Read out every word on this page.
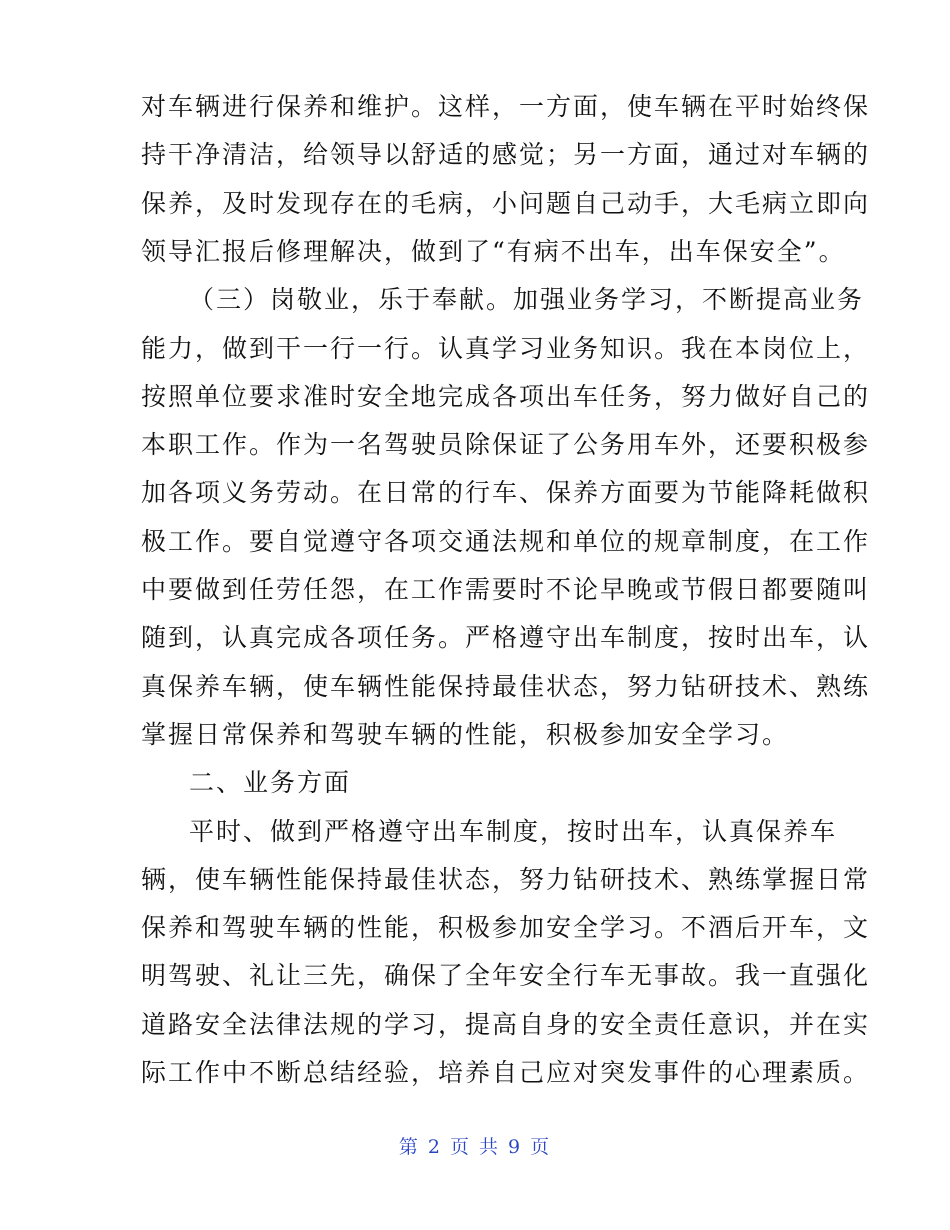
对车辆进行保养和维护。这样，一方面，使车辆在平时始终保
持干净清洁，给领导以舒适的感觉；另一方面，通过对车辆的
保养，及时发现存在的毛病，小问题自己动手，大毛病立即向
领导汇报后修理解决，做到了“有病不出车，出车保安全”。
（三）岗敬业，乐于奉献。加强业务学习，不断提高业务
能力，做到干一行一行。认真学习业务知识。我在本岗位上，
按照单位要求准时安全地完成各项出车任务，努力做好自己的
本职工作。作为一名驾驶员除保证了公务用车外，还要积极参
加各项义务劳动。在日常的行车、保养方面要为节能降耗做积
极工作。要自觉遵守各项交通法规和单位的规章制度，在工作
中要做到任劳任怨，在工作需要时不论早晚或节假日都要随叫
随到，认真完成各项任务。严格遵守出车制度，按时出车，认
真保养车辆，使车辆性能保持最佳状态，努力钻研技术、熟练
掌握日常保养和驾驶车辆的性能，积极参加安全学习。
二、业务方面
平时、做到严格遵守出车制度，按时出车，认真保养车
辆，使车辆性能保持最佳状态，努力钻研技术、熟练掌握日常
保养和驾驶车辆的性能，积极参加安全学习。不酒后开车，文
明驾驶、礼让三先，确保了全年安全行车无事故。我一直强化
道路安全法律法规的学习，提高自身的安全责任意识，并在实
际工作中不断总结经验，培养自己应对突发事件的心理素质。
第 2 页 共 9 页
